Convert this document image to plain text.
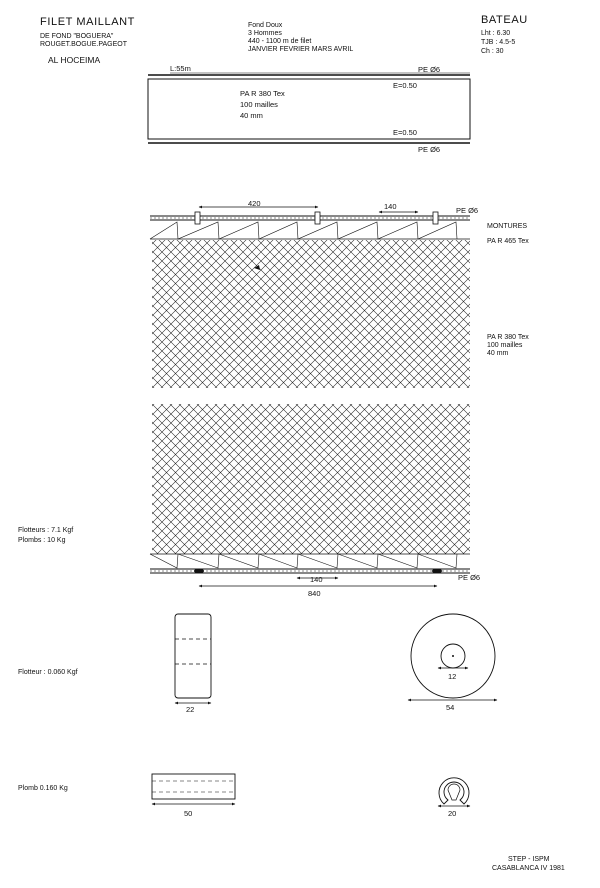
FILET MAILLANT
DE FOND "BOGUERA"
ROUGET.BOGUE.PAGEOT
AL HOCEIMA
Fond Doux
3 Hommes
440 - 1100 m de filet
JANVIER FEVRIER MARS AVRIL
BATEAU
Lht : 6.30
TJB : 4.5-5
Ch : 30
L:55m	PE Ø6
E=0.50
PA R 380 Tex
100 mailles
40 mm
E=0.50
PE Ø6
420	140	PE Ø6
MONTURES
PA R 465 Tex
PA R 380 Tex
100 mailles
40 mm
Flotteurs : 7.1 Kgf
Plombs : 10 Kg
PE Ø6
140
840
Flotteur : 0.060 Kgf
22
12
54
Plomb 0.160 Kg
50	20
STEP - ISPM
CASABLANCA IV 1981
